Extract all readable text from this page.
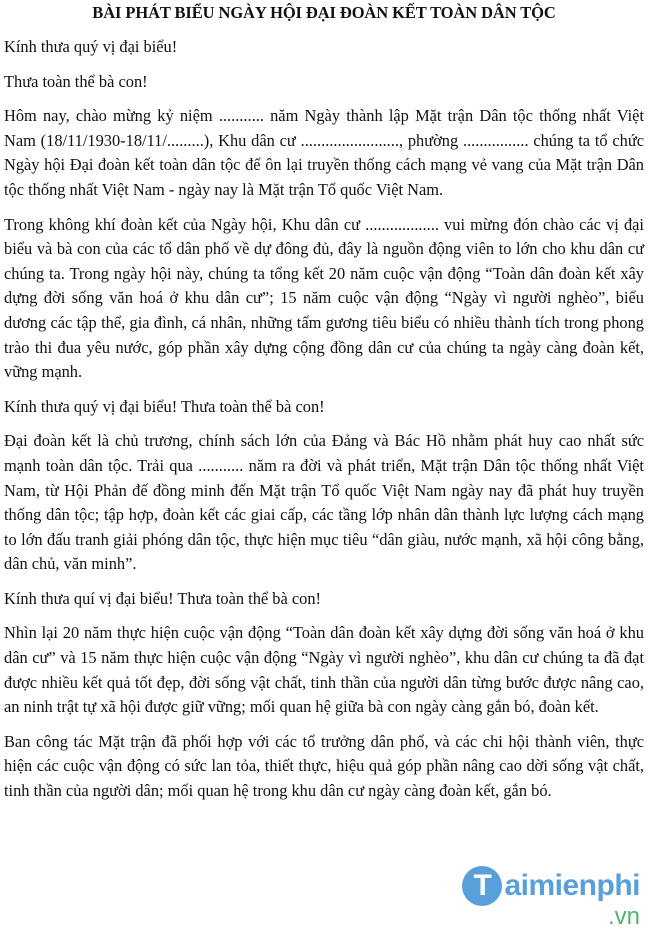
BÀI PHÁT BIỂU NGÀY HỘI ĐẠI ĐOÀN KẾT TOÀN DÂN TỘC

Kính thưa quý vị đại biểu!

Thưa toàn thể bà con!

Hôm nay, chào mừng kỷ niệm ........... năm Ngày thành lập Mặt trận Dân tộc thống nhất Việt Nam (18/11/1930-18/11/.........), Khu dân cư ........................, phường ................ chúng ta tổ chức Ngày hội Đại đoàn kết toàn dân tộc để ôn lại truyền thống cách mạng vẻ vang của Mặt trận Dân tộc thống nhất Việt Nam - ngày nay là Mặt trận Tổ quốc Việt Nam.

Trong không khí đoàn kết của Ngày hội, Khu dân cư .................. vui mừng đón chào các vị đại biểu và bà con của các tổ dân phố về dự đông đủ, đây là nguồn động viên to lớn cho khu dân cư chúng ta. Trong ngày hội này, chúng ta tổng kết 20 năm cuộc vận động “Toàn dân đoàn kết xây dựng đời sống văn hoá ở khu dân cư”; 15 năm cuộc vận động “Ngày vì người nghèo”, biểu dương các tập thể, gia đình, cá nhân, những tấm gương tiêu biểu có nhiều thành tích trong phong trào thi đua yêu nước, góp phần xây dựng cộng đồng dân cư của chúng ta ngày càng đoàn kết, vững mạnh.

Kính thưa quý vị đại biểu! Thưa toàn thể bà con!

Đại đoàn kết là chủ trương, chính sách lớn của Đảng và Bác Hồ nhằm phát huy cao nhất sức mạnh toàn dân tộc. Trải qua ........... năm ra đời và phát triển, Mặt trận Dân tộc thống nhất Việt Nam, từ Hội Phản đế đồng minh đến Mặt trận Tổ quốc Việt Nam ngày nay đã phát huy truyền thống dân tộc; tập hợp, đoàn kết các giai cấp, các tầng lớp nhân dân thành lực lượng cách mạng to lớn đấu tranh giải phóng dân tộc, thực hiện mục tiêu “dân giàu, nước mạnh, xã hội công bằng, dân chủ, văn minh”.

Kính thưa quí vị đại biểu! Thưa toàn thể bà con!

Nhìn lại 20 năm thực hiện cuộc vận động “Toàn dân đoàn kết xây dựng đời sống văn hoá ở khu dân cư” và 15 năm thực hiện cuộc vận động “Ngày vì người nghèo”, khu dân cư chúng ta đã đạt được nhiều kết quả tốt đẹp, đời sống vật chất, tinh thần của người dân từng bước được nâng cao, an ninh trật tự xã hội được giữ vững; mối quan hệ giữa bà con ngày càng gắn bó, đoàn kết.

Ban công tác Mặt trận đã phối hợp với các tổ trưởng dân phố, và các chi hội thành viên, thực hiện các cuộc vận động có sức lan tỏa, thiết thực, hiệu quả góp phần nâng cao dời sống vật chất, tinh thần của người dân; mối quan hệ trong khu dân cư ngày càng đoàn kết, gắn bó.

T aimienphi
.vn
